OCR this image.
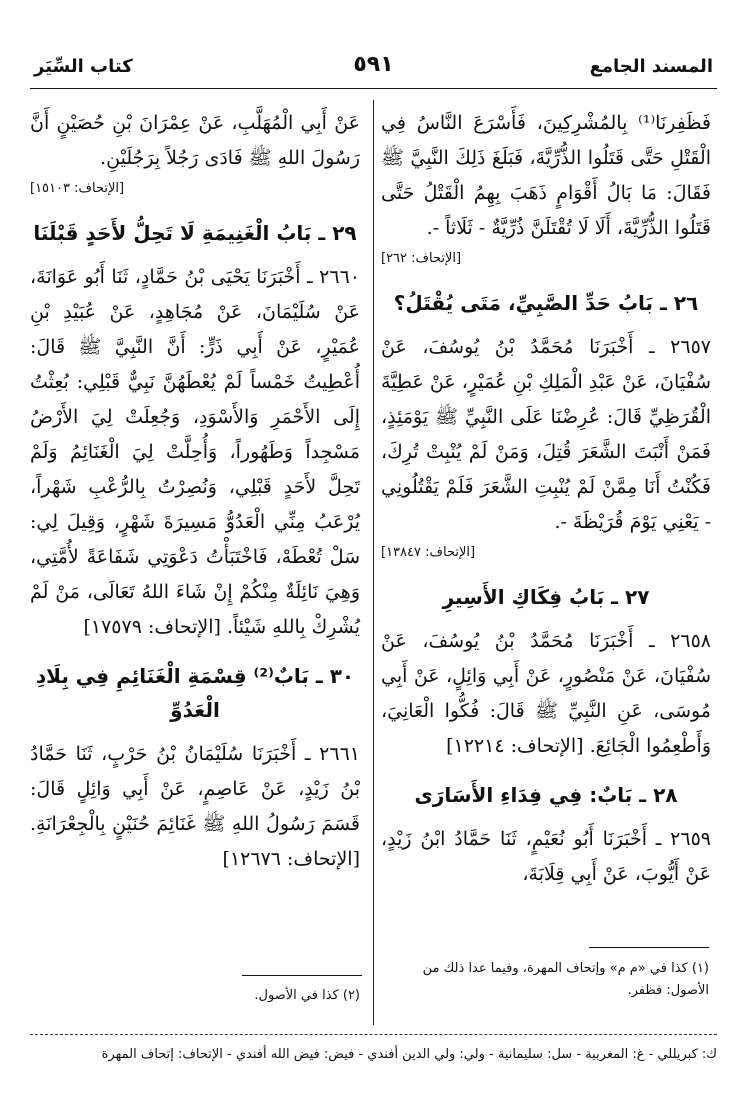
المسند الجامع
٥٩١
كتاب السِّيَر

فَظَفِرنَا⁽¹⁾ بِالمُشْرِكِينَ، فَأَسْرَعَ النَّاسُ فِي الْقَتْلِ حَتَّى قَتَلُوا الذُّرِّيَّةَ، فَبَلَغَ ذَلِكَ النَّبِيَّ ﷺ فَقَالَ: مَا بَالُ أَقْوَامٍ ذَهَبَ بِهِمُ الْقَتْلُ حَتَّى قَتَلُوا الذُّرِّيَّةَ، أَلَا لَا تُقْتَلَنَّ ذُرِّيَّةٌ - ثَلَاثاً -.

[الإتحاف: ٢٦٢]

٢٦ ـ بَابُ حَدِّ الصَّبِيِّ، مَتَى يُقْتَلُ؟

٢٦٥٧ ـ أَخْبَرَنَا مُحَمَّدُ بْنُ يُوسُفَ، عَنْ سُفْيَانَ، عَنْ عَبْدِ الْمَلِكِ بْنِ عُمَيْرٍ، عَنْ عَطِيَّةَ الْقُرَظِيِّ قَالَ: عُرِضْنَا عَلَى النَّبِيِّ ﷺ يَوْمَئِذٍ، فَمَنْ أَنْبَتَ الشَّعَرَ قُتِلَ، وَمَنْ لَمْ يُنْبِتْ تُرِكَ، فَكُنْتُ أَنَا مِمَّنْ لَمْ يُنْبِتِ الشَّعَرَ فَلَمْ يَقْتُلُونِي - يَعْنِي يَوْمَ قُرَيْظَةَ -.

[الإتحاف: ١٣٨٤٧]

٢٧ ـ بَابُ فِكَاكِ الأَسِيرِ

٢٦٥٨ ـ أَخْبَرَنَا مُحَمَّدُ بْنُ يُوسُفَ، عَنْ سُفْيَانَ، عَنْ مَنْصُورٍ، عَنْ أَبِي وَائِلٍ، عَنْ أَبِي مُوسَى، عَنِ النَّبِيِّ ﷺ قَالَ: فُكُّوا الْعَانِيَ، وَأَطْعِمُوا الْجَائِعَ. [الإتحاف: ١٢٢١٤]

٢٨ ـ بَابٌ: فِي فِدَاءِ الأَسَارَى

٢٦٥٩ ـ أَخْبَرَنَا أَبُو نُعَيْمٍ، ثَنَا حَمَّادُ ابْنُ زَيْدٍ، عَنْ أَيُّوبَ، عَنْ أَبِي قِلَابَةَ،

عَنْ أَبِي الْمُهَلَّبِ، عَنْ عِمْرَانَ بْنِ حُصَيْنٍ أَنَّ رَسُولَ اللهِ ﷺ فَادَى رَجُلاً بِرَجُلَيْنِ.

[الإتحاف: ١٥١٠٣]

٢٩ ـ بَابُ الْغَنِيمَةِ لَا تَحِلُّ لأَحَدٍ قَبْلَنَا

٢٦٦٠ ـ أَخْبَرَنَا يَحْيَى بْنُ حَمَّادٍ، ثَنَا أَبُو عَوَانَةَ، عَنْ سُلَيْمَانَ، عَنْ مُجَاهِدٍ، عَنْ عُبَيْدِ بْنِ عُمَيْرٍ، عَنْ أَبِي ذَرٍّ: أَنَّ النَّبِيَّ ﷺ قَالَ: أُعْطِيتُ خَمْساً لَمْ يُعْطَهُنَّ نَبِيٌّ قَبْلِي: بُعِثْتُ إِلَى الأَحْمَرِ وَالأَسْوَدِ، وَجُعِلَتْ لِيَ الأَرْضُ مَسْجِداً وَطَهُوراً، وَأُحِلَّتْ لِيَ الْغَنَائِمُ وَلَمْ تَحِلَّ لأَحَدٍ قَبْلِي، وَنُصِرْتُ بِالرُّعْبِ شَهْراً، يُرْعَبُ مِنِّي الْعَدُوُّ مَسِيرَةَ شَهْرٍ، وَقِيلَ لِي: سَلْ تُعْطَهْ، فَاخْتَبَأْتُ دَعْوَتِي شَفَاعَةً لأُمَّتِي، وَهِيَ نَائِلَةٌ مِنْكُمْ إِنْ شَاءَ اللهُ تَعَالَى، مَنْ لَمْ يُشْرِكْ بِاللهِ شَيْئاً. [الإتحاف: ١٧٥٧٩]

٣٠ ـ بَابٌ⁽²⁾ قِسْمَةِ الْغَنَائِمِ فِي بِلَادِ الْعَدُوِّ

٢٦٦١ ـ أَخْبَرَنَا سُلَيْمَانُ بْنُ حَرْبٍ، ثَنَا حَمَّادُ بْنُ زَيْدٍ، عَنْ عَاصِمٍ، عَنْ أَبِي وَائِلٍ قَالَ: قَسَمَ رَسُولُ اللهِ ﷺ غَنَائِمَ حُنَيْنٍ بِالْجِعْرَانَةِ. [الإتحاف: ١٢٦٧٦]

(١) كذا في «م م» وإتحاف المهرة، وفيما عدا ذلك من الأصول: فظفر.
(٢) كذا في الأصول.
ك: كبريللي - غ: المغربية - سل: سليمانية - ولي: ولي الدين أفندي - فيض: فيض الله أفندي - الإتحاف: إتحاف المهرة
